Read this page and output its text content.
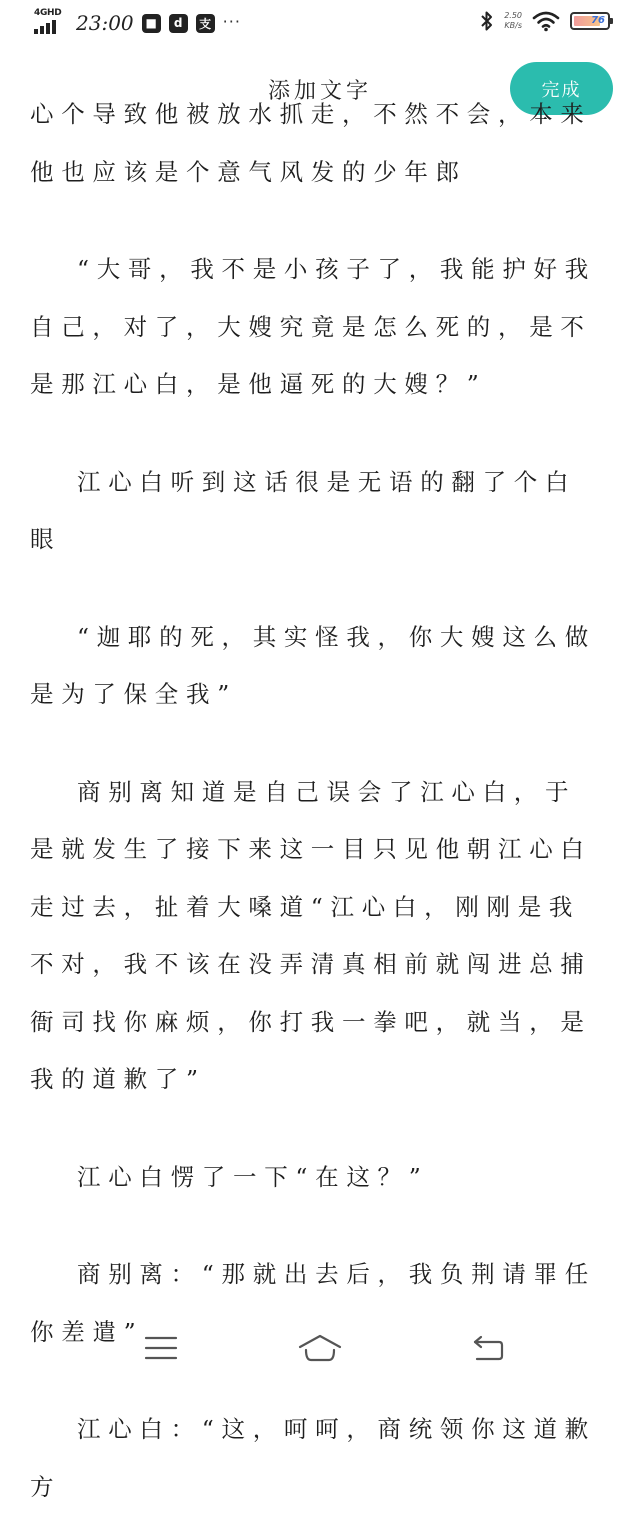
4GHD 23:00 ■	d	支 ···	2.50
KB/s	76
添加文字	完成

心个导致他被放水抓走，不然不会，本来他也应该是个意气风发的少年郎

“大哥，我不是小孩子了，我能护好我自己，对了，大嫂究竟是怎么死的，是不是那江心白，是他逼死的大嫂？”

江心白听到这话很是无语的翻了个白眼

“迦耶的死，其实怪我，你大嫂这么做是为了保全我”

商别离知道是自己误会了江心白，于是就发生了接下来这一目只见他朝江心白走过去，扯着大嗓道“江心白，刚刚是我不对，我不该在没弄清真相前就闯进总捕衙司找你麻烦，你打我一拳吧，就当，是我的道歉了”

江心白愣了一下“在这？”

商别离：“那就出去后，我负荆请罪任你差遣”

江心白：“这，呵呵，商统领你这道歉方
